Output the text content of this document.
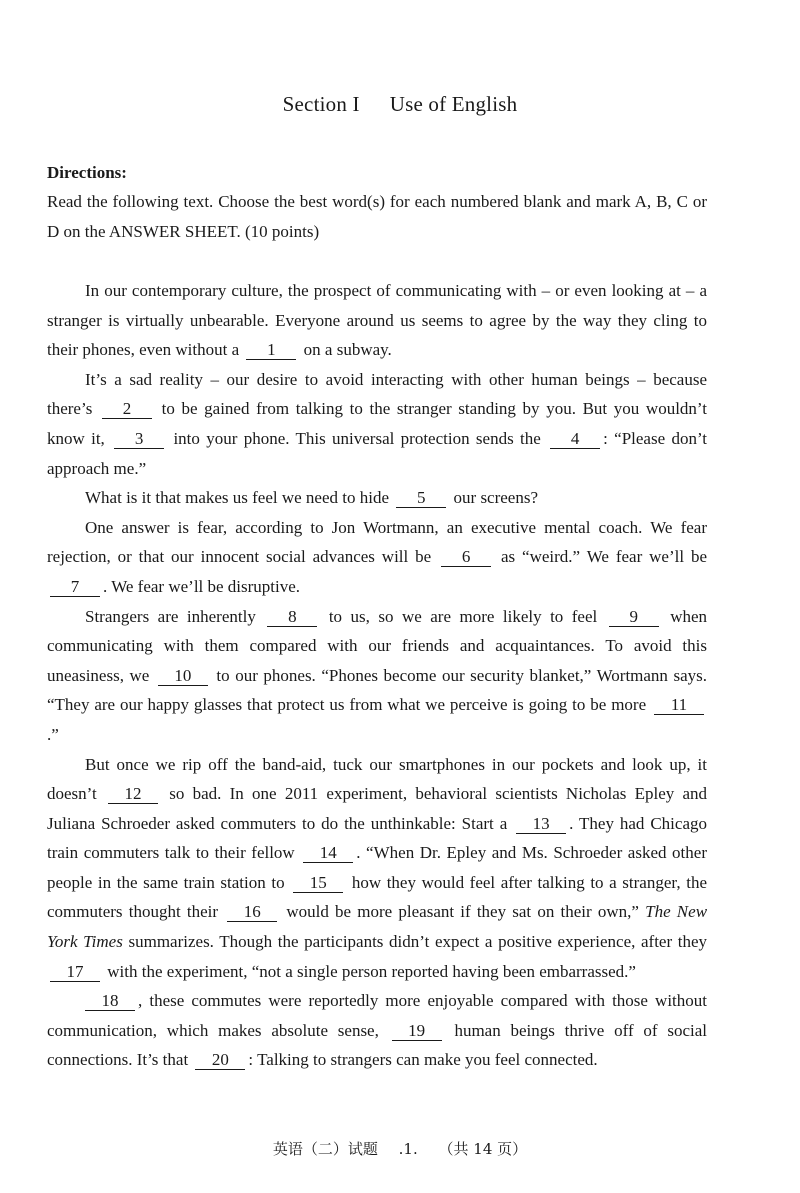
Section I Use of English
Directions:
Read the following text. Choose the best word(s) for each numbered blank and mark A, B, C or D on the ANSWER SHEET. (10 points)

In our contemporary culture, the prospect of communicating with – or even looking at – a stranger is virtually unbearable. Everyone around us seems to agree by the way they cling to their phones, even without a 1 on a subway.

It’s a sad reality – our desire to avoid interacting with other human beings – because there’s 2 to be gained from talking to the stranger standing by you. But you wouldn’t know it, 3 into your phone. This universal protection sends the 4 : “Please don’t approach me.”

What is it that makes us feel we need to hide 5 our screens?

One answer is fear, according to Jon Wortmann, an executive mental coach. We fear rejection, or that our innocent social advances will be 6 as “weird.” We fear we’ll be 7 . We fear we’ll be disruptive.

Strangers are inherently 8 to us, so we are more likely to feel 9 when communicating with them compared with our friends and acquaintances. To avoid this uneasiness, we 10 to our phones. “Phones become our security blanket,” Wortmann says. “They are our happy glasses that protect us from what we perceive is going to be more 11.”

But once we rip off the band-aid, tuck our smartphones in our pockets and look up, it doesn’t 12 so bad. In one 2011 experiment, behavioral scientists Nicholas Epley and Juliana Schroeder asked commuters to do the unthinkable: Start a 13 . They had Chicago train commuters talk to their fellow 14 . “When Dr. Epley and Ms. Schroeder asked other people in the same train station to 15 how they would feel after talking to a stranger, the commuters thought their 16 would be more pleasant if they sat on their own,” The New York Times summarizes. Though the participants didn’t expect a positive experience, after they 17 with the experiment, “not a single person reported having been embarrassed.”

18 , these commutes were reportedly more enjoyable compared with those without communication, which makes absolute sense, 19 human beings thrive off of social connections. It’s that 20 : Talking to strangers can make you feel connected.

英语（二）试题 .1. （共 14 页）
